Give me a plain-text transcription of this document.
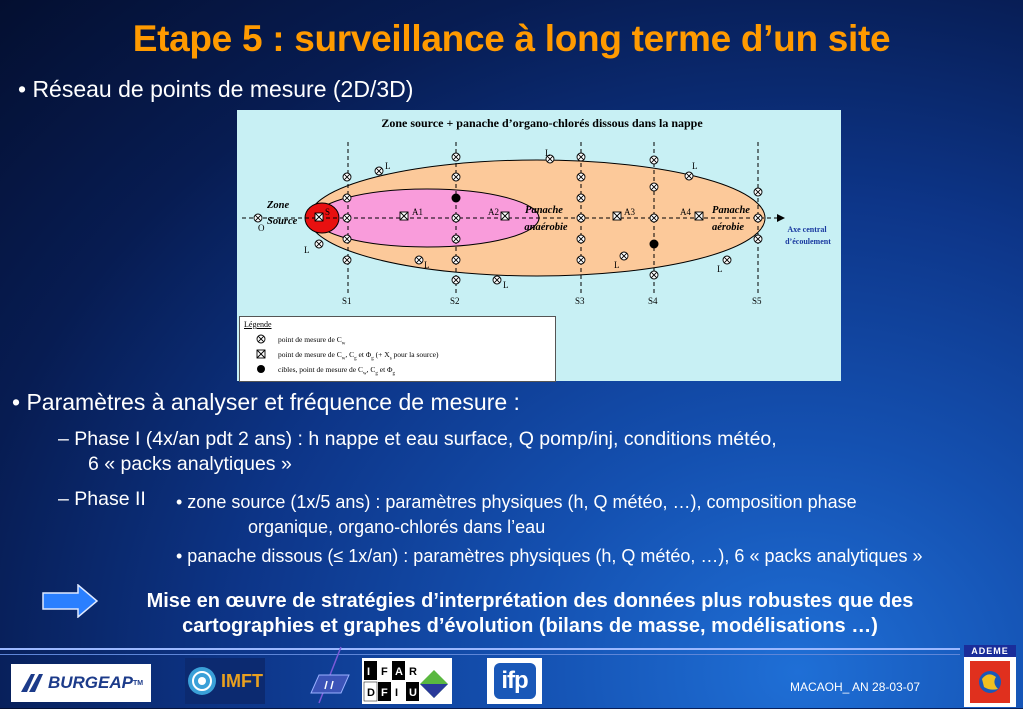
Etape 5 : surveillance à long terme d’un site
• Réseau de points de mesure (2D/3D)
Zone source + panache d’organo-chlorés dissous dans la nappe
A1	A2	A3	A4
S
O
L
L
L
L
L
L
L	L
S1	S2	S3	S4	S5
Zone
Source
Panache
anaérobie
Panache
aérobie	Axe central
d’écoulement
Légende
point de mesure de $C_w$
point de mesure de $C_w$, $C_g$ et $\Phi_g$ (+ $X_s$ pour la source)
cibles, point de mesure de $C_w$, $C_g$ et $\Phi_g$
• Paramètres à analyser et fréquence de mesure :
– Phase I (4x/an pdt 2 ans) : h nappe et eau surface, Q pomp/inj, conditions météo,
6 « packs analytiques »
– Phase II • zone source (1x/5 ans) : paramètres physiques (h, Q météo, …), composition phase
organique, organo-chlorés dans l’eau
• panache dissous (≤ 1x/an) : paramètres physiques (h, Q météo, …), 6 « packs analytiques »
Mise en œuvre de stratégies d’interprétation des données plus robustes que des
cartographies et graphes d’évolution (bilans de masse, modélisations …)
BURGEAP TM	IMFT	I F A R
D F I U	ifp	MACAOH_ AN 28-03-07
ADEME
